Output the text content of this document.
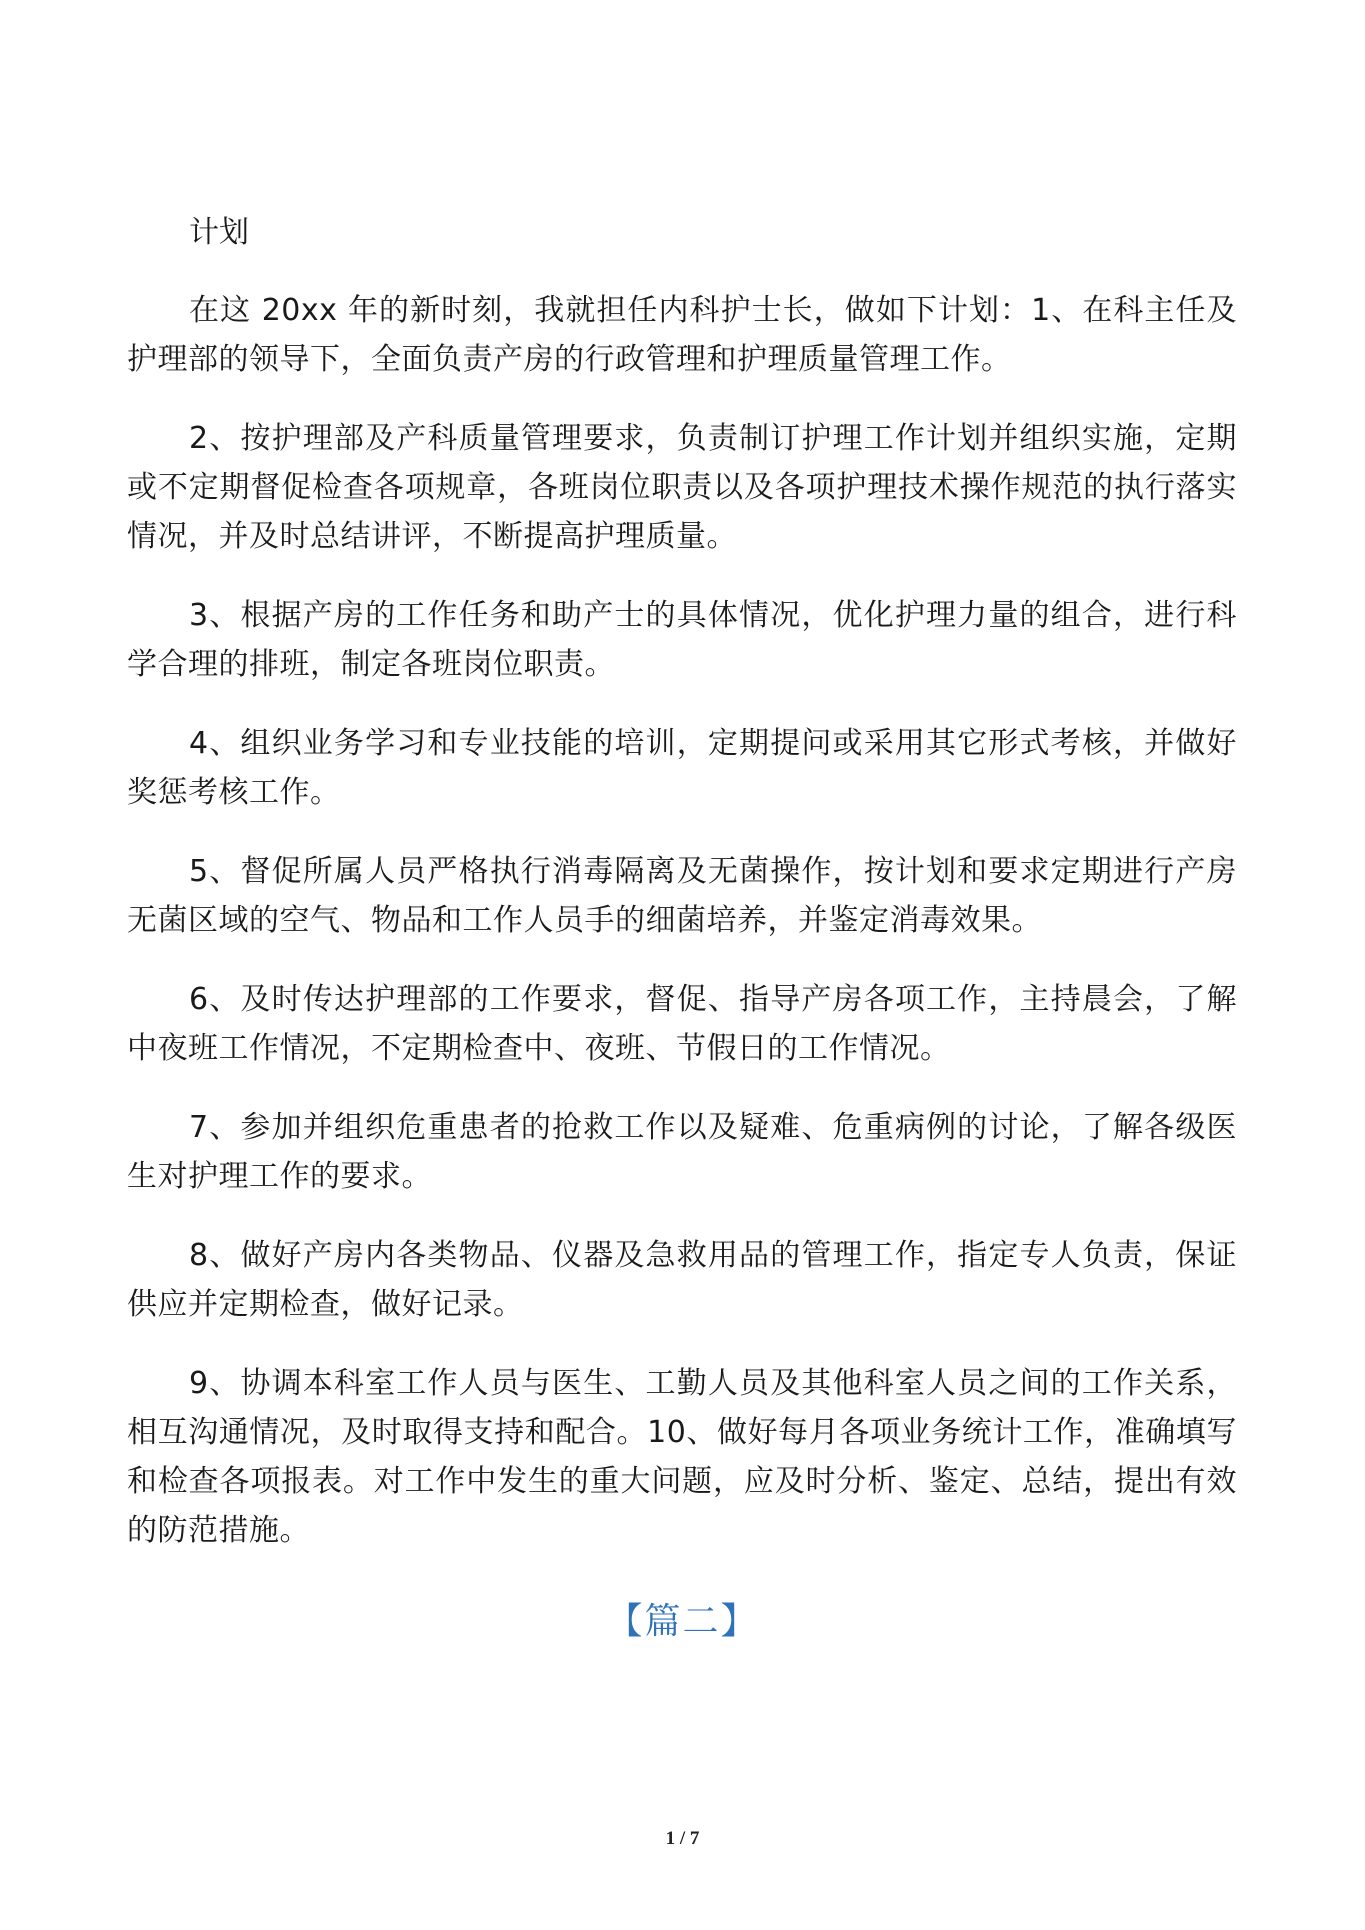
计划

在这 20xx 年的新时刻，我就担任内科护士长，做如下计划：1、在科主任及护理部的领导下，全面负责产房的行政管理和护理质量管理工作。

2、按护理部及产科质量管理要求，负责制订护理工作计划并组织实施，定期或不定期督促检查各项规章，各班岗位职责以及各项护理技术操作规范的执行落实情况，并及时总结讲评，不断提高护理质量。

3、根据产房的工作任务和助产士的具体情况，优化护理力量的组合，进行科学合理的排班，制定各班岗位职责。

4、组织业务学习和专业技能的培训，定期提问或采用其它形式考核，并做好奖惩考核工作。

5、督促所属人员严格执行消毒隔离及无菌操作，按计划和要求定期进行产房无菌区域的空气、物品和工作人员手的细菌培养，并鉴定消毒效果。

6、及时传达护理部的工作要求，督促、指导产房各项工作，主持晨会，了解中夜班工作情况，不定期检查中、夜班、节假日的工作情况。

7、参加并组织危重患者的抢救工作以及疑难、危重病例的讨论，了解各级医生对护理工作的要求。

8、做好产房内各类物品、仪器及急救用品的管理工作，指定专人负责，保证供应并定期检查，做好记录。

9、协调本科室工作人员与医生、工勤人员及其他科室人员之间的工作关系，相互沟通情况，及时取得支持和配合。10、做好每月各项业务统计工作，准确填写和检查各项报表。对工作中发生的重大问题，应及时分析、鉴定、总结，提出有效的防范措施。

【篇二】
1 / 7
